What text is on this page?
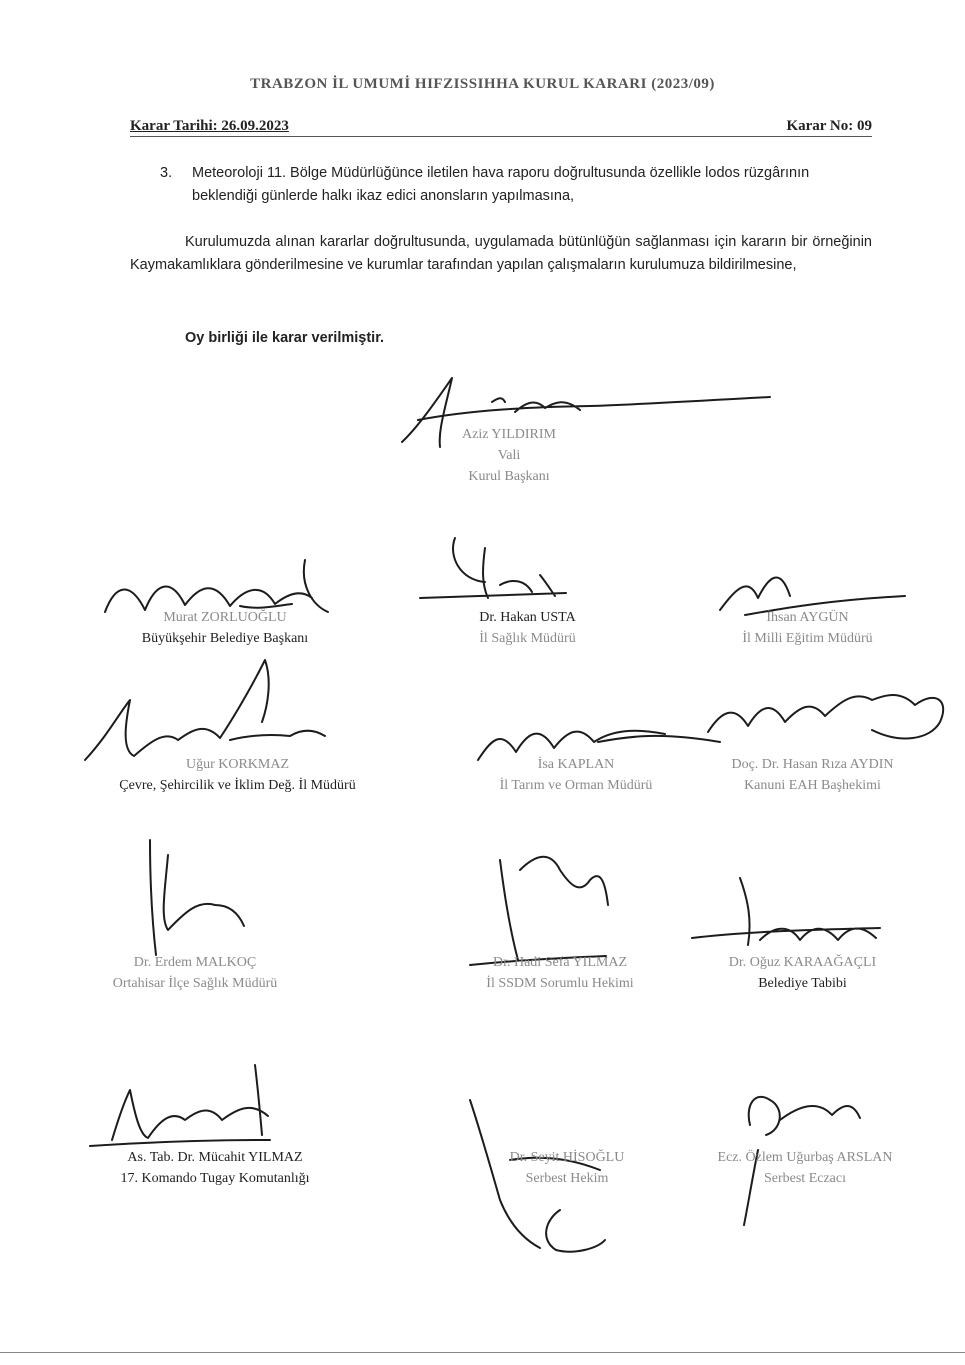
TRABZON İL UMUMİ HIFZISSIHHA KURUL KARARI (2023/09)
Karar Tarihi: 26.09.2023	Karar No: 09
3. Meteoroloji 11. Bölge Müdürlüğünce iletilen hava raporu doğrultusunda özellikle lodos rüzgârının beklendiği günlerde halkı ikaz edici anonsların yapılmasına,
Kurulumuzda alınan kararlar doğrultusunda, uygulamada bütünlüğün sağlanması için kararın bir örneğinin Kaymakamlıklara gönderilmesine ve kurumlar tarafından yapılan çalışmaların kurulumuza bildirilmesine,
Oy birliği ile karar verilmiştir.
Aziz YILDIRIM
Vali
Kurul Başkanı
Murat ZORLUOĞLU
Büyükşehir Belediye Başkanı
Dr. Hakan USTA
İl Sağlık Müdürü
İhsan AYGÜN
İl Milli Eğitim Müdürü
Uğur KORKMAZ
Çevre, Şehircilik ve İklim Değ. İl Müdürü
İsa KAPLAN
İl Tarım ve Orman Müdürü
Doç. Dr. Hasan Rıza AYDIN
Kanuni EAH Başhekimi
Dr. Erdem MALKOÇ
Ortahisar İlçe Sağlık Müdürü
Dr. Hadi Sefa YILMAZ
İl SSDM Sorumlu Hekimi
Dr. Oğuz KARAAĞAÇLI
Belediye Tabibi
As. Tab. Dr. Mücahit YILMAZ
17. Komando Tugay Komutanlığı
Dr. Seyit HİSOĞLU
Serbest Hekim
Ecz. Özlem Uğurbaş ARSLAN
Serbest Eczacı
